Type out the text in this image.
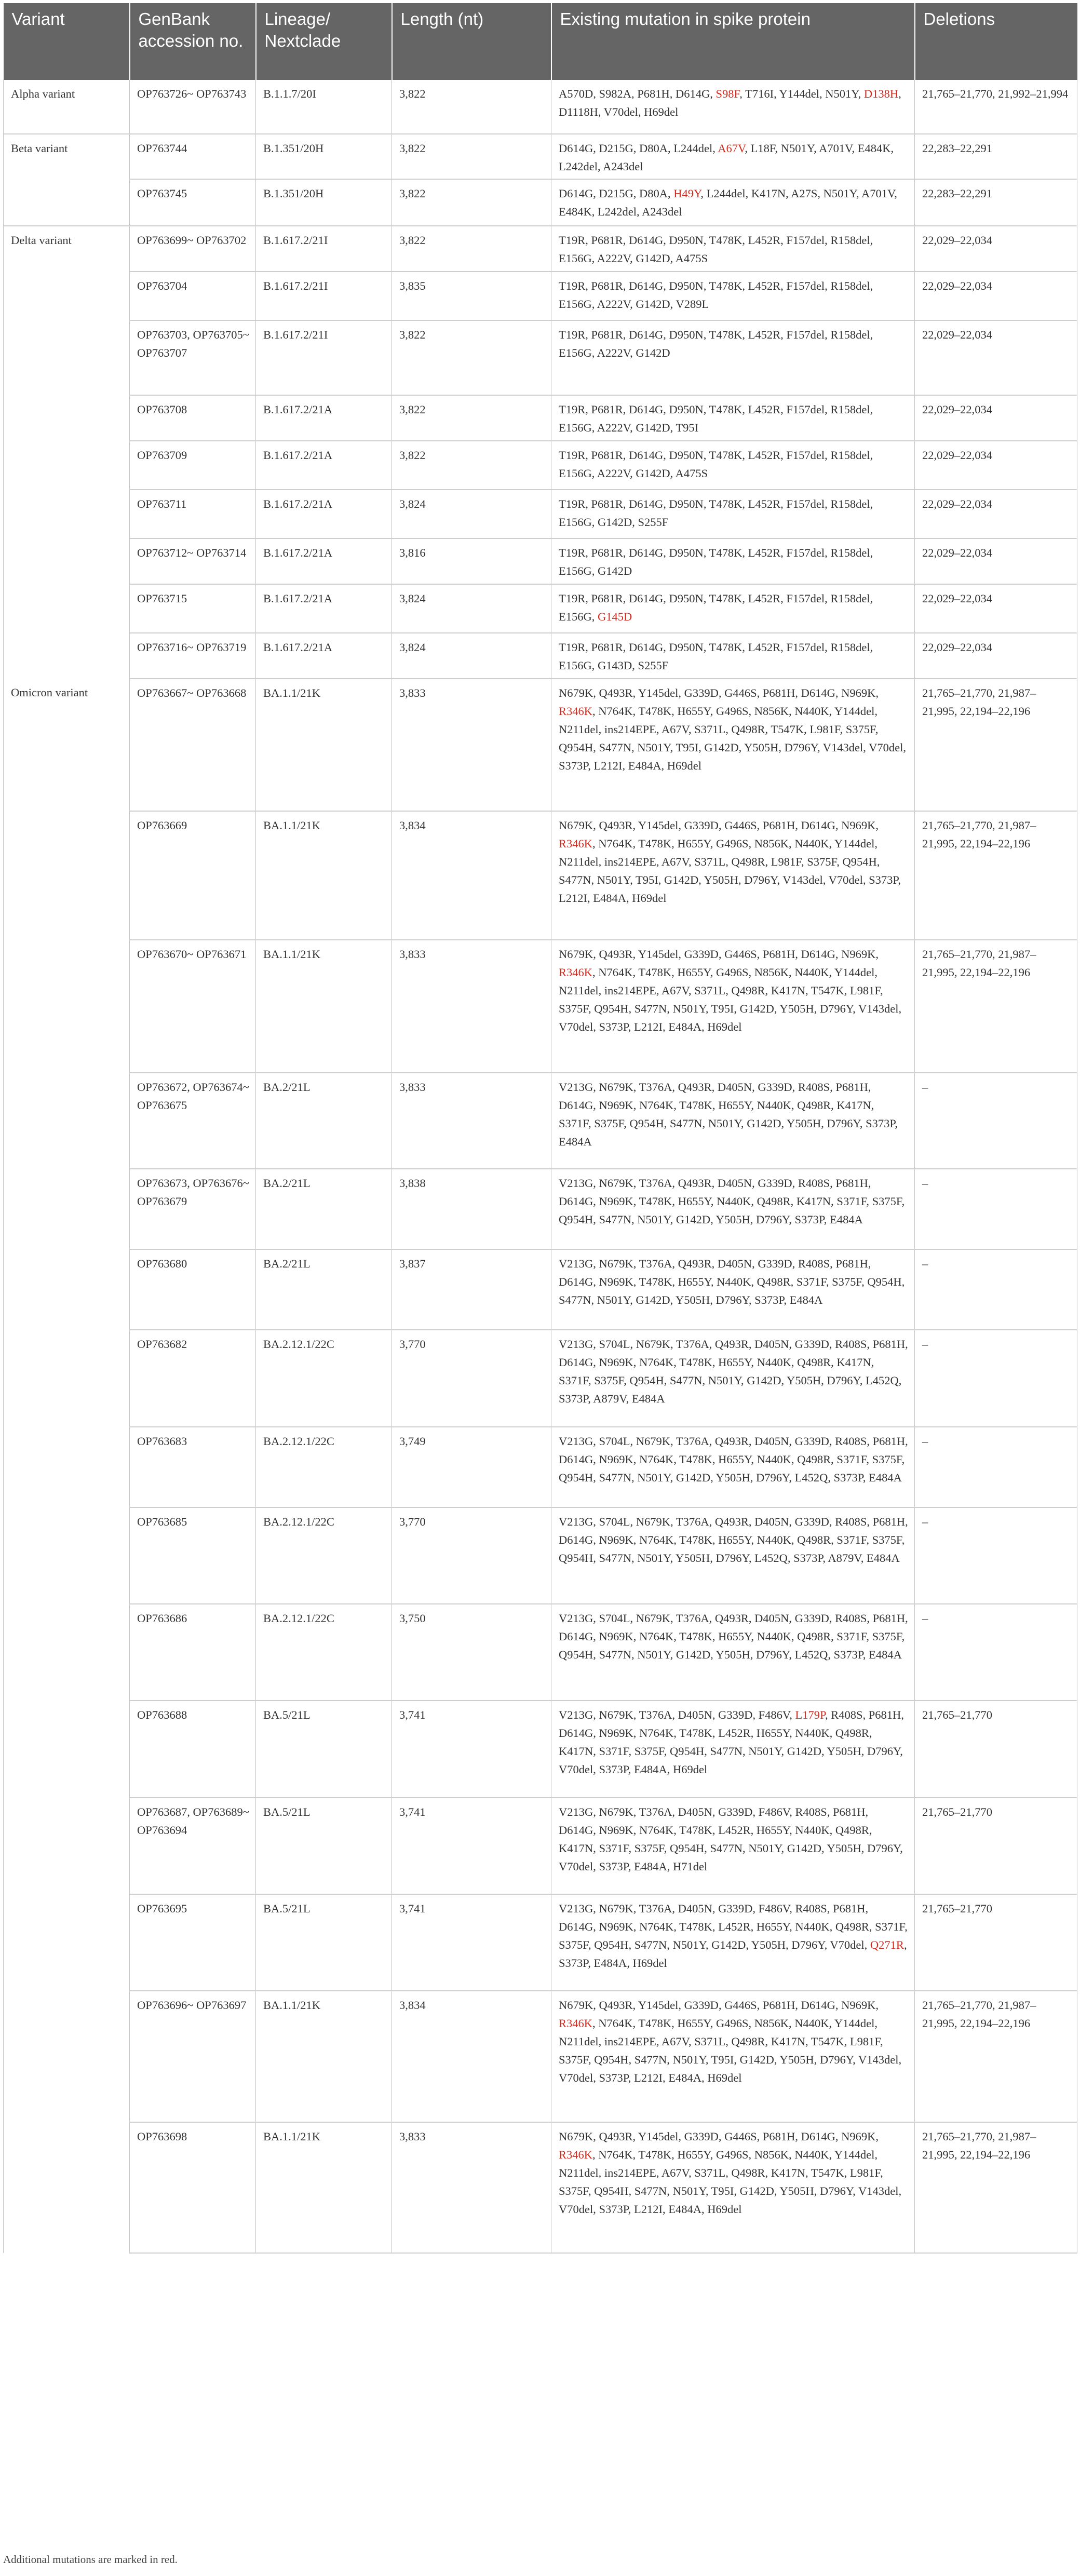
Variant	GenBank accession no.	Lineage/ Nextclade	Length (nt)	Existing mutation in spike protein	Deletions
Alpha variant	OP763726~ OP763743	B.1.1.7/20I	3,822	A570D, S982A, P681H, D614G, S98F, T716I, Y144del, N501Y, D138H, D1118H, V70del, H69del	21,765–21,770, 21,992–21,994
Beta variant	OP763744	B.1.351/20H	3,822	D614G, D215G, D80A, L244del, A67V, L18F, N501Y, A701V, E484K, L242del, A243del	22,283–22,291
	OP763745	B.1.351/20H	3,822	D614G, D215G, D80A, H49Y, L244del, K417N, A27S, N501Y, A701V, E484K, L242del, A243del	22,283–22,291
Delta variant	OP763699~ OP763702	B.1.617.2/21I	3,822	T19R, P681R, D614G, D950N, T478K, L452R, F157del, R158del, E156G, A222V, G142D, A475S	22,029–22,034
	OP763704	B.1.617.2/21I	3,835	T19R, P681R, D614G, D950N, T478K, L452R, F157del, R158del, E156G, A222V, G142D, V289L	22,029–22,034
	OP763703, OP763705~ OP763707	B.1.617.2/21I	3,822	T19R, P681R, D614G, D950N, T478K, L452R, F157del, R158del, E156G, A222V, G142D	22,029–22,034
	OP763708	B.1.617.2/21A	3,822	T19R, P681R, D614G, D950N, T478K, L452R, F157del, R158del, E156G, A222V, G142D, T95I	22,029–22,034
	OP763709	B.1.617.2/21A	3,822	T19R, P681R, D614G, D950N, T478K, L452R, F157del, R158del, E156G, A222V, G142D, A475S	22,029–22,034
	OP763711	B.1.617.2/21A	3,824	T19R, P681R, D614G, D950N, T478K, L452R, F157del, R158del, E156G, G142D, S255F	22,029–22,034
	OP763712~ OP763714	B.1.617.2/21A	3,816	T19R, P681R, D614G, D950N, T478K, L452R, F157del, R158del, E156G, G142D	22,029–22,034
	OP763715	B.1.617.2/21A	3,824	T19R, P681R, D614G, D950N, T478K, L452R, F157del, R158del, E156G, G145D	22,029–22,034
	OP763716~ OP763719	B.1.617.2/21A	3,824	T19R, P681R, D614G, D950N, T478K, L452R, F157del, R158del, E156G, G143D, S255F	22,029–22,034
Omicron variant	OP763667~ OP763668	BA.1.1/21K	3,833	N679K, Q493R, Y145del, G339D, G446S, P681H, D614G, N969K, R346K, N764K, T478K, H655Y, G496S, N856K, N440K, Y144del, N211del, ins214EPE, A67V, S371L, Q498R, T547K, L981F, S375F, Q954H, S477N, N501Y, T95I, G142D, Y505H, D796Y, V143del, V70del, S373P, L212I, E484A, H69del	21,765–21,770, 21,987–21,995, 22,194–22,196
	OP763669	BA.1.1/21K	3,834	N679K, Q493R, Y145del, G339D, G446S, P681H, D614G, N969K, R346K, N764K, T478K, H655Y, G496S, N856K, N440K, Y144del, N211del, ins214EPE, A67V, S371L, Q498R, L981F, S375F, Q954H, S477N, N501Y, T95I, G142D, Y505H, D796Y, V143del, V70del, S373P, L212I, E484A, H69del	21,765–21,770, 21,987–21,995, 22,194–22,196
	OP763670~ OP763671	BA.1.1/21K	3,833	N679K, Q493R, Y145del, G339D, G446S, P681H, D614G, N969K, R346K, N764K, T478K, H655Y, G496S, N856K, N440K, Y144del, N211del, ins214EPE, A67V, S371L, Q498R, K417N, T547K, L981F, S375F, Q954H, S477N, N501Y, T95I, G142D, Y505H, D796Y, V143del, V70del, S373P, L212I, E484A, H69del	21,765–21,770, 21,987–21,995, 22,194–22,196
	OP763672, OP763674~ OP763675	BA.2/21L	3,833	V213G, N679K, T376A, Q493R, D405N, G339D, R408S, P681H, D614G, N969K, N764K, T478K, H655Y, N440K, Q498R, K417N, S371F, S375F, Q954H, S477N, N501Y, G142D, Y505H, D796Y, S373P, E484A	–
	OP763673, OP763676~ OP763679	BA.2/21L	3,838	V213G, N679K, T376A, Q493R, D405N, G339D, R408S, P681H, D614G, N969K, T478K, H655Y, N440K, Q498R, K417N, S371F, S375F, Q954H, S477N, N501Y, G142D, Y505H, D796Y, S373P, E484A	–
	OP763680	BA.2/21L	3,837	V213G, N679K, T376A, Q493R, D405N, G339D, R408S, P681H, D614G, N969K, T478K, H655Y, N440K, Q498R, S371F, S375F, Q954H, S477N, N501Y, G142D, Y505H, D796Y, S373P, E484A	–
	OP763682	BA.2.12.1/22C	3,770	V213G, S704L, N679K, T376A, Q493R, D405N, G339D, R408S, P681H, D614G, N969K, N764K, T478K, H655Y, N440K, Q498R, K417N, S371F, S375F, Q954H, S477N, N501Y, G142D, Y505H, D796Y, L452Q, S373P, A879V, E484A	–
	OP763683	BA.2.12.1/22C	3,749	V213G, S704L, N679K, T376A, Q493R, D405N, G339D, R408S, P681H, D614G, N969K, N764K, T478K, H655Y, N440K, Q498R, S371F, S375F, Q954H, S477N, N501Y, G142D, Y505H, D796Y, L452Q, S373P, E484A	–
	OP763685	BA.2.12.1/22C	3,770	V213G, S704L, N679K, T376A, Q493R, D405N, G339D, R408S, P681H, D614G, N969K, N764K, T478K, H655Y, N440K, Q498R, S371F, S375F, Q954H, S477N, N501Y, Y505H, D796Y, L452Q, S373P, A879V, E484A	–
	OP763686	BA.2.12.1/22C	3,750	V213G, S704L, N679K, T376A, Q493R, D405N, G339D, R408S, P681H, D614G, N969K, N764K, T478K, H655Y, N440K, Q498R, S371F, S375F, Q954H, S477N, N501Y, G142D, Y505H, D796Y, L452Q, S373P, E484A	–
	OP763688	BA.5/21L	3,741	V213G, N679K, T376A, D405N, G339D, F486V, L179P, R408S, P681H, D614G, N969K, N764K, T478K, L452R, H655Y, N440K, Q498R, K417N, S371F, S375F, Q954H, S477N, N501Y, G142D, Y505H, D796Y, V70del, S373P, E484A, H69del	21,765–21,770
	OP763687, OP763689~ OP763694	BA.5/21L	3,741	V213G, N679K, T376A, D405N, G339D, F486V, R408S, P681H, D614G, N969K, N764K, T478K, L452R, H655Y, N440K, Q498R, K417N, S371F, S375F, Q954H, S477N, N501Y, G142D, Y505H, D796Y, V70del, S373P, E484A, H71del	21,765–21,770
	OP763695	BA.5/21L	3,741	V213G, N679K, T376A, D405N, G339D, F486V, R408S, P681H, D614G, N969K, N764K, T478K, L452R, H655Y, N440K, Q498R, S371F, S375F, Q954H, S477N, N501Y, G142D, Y505H, D796Y, V70del, Q271R, S373P, E484A, H69del	21,765–21,770
	OP763696~ OP763697	BA.1.1/21K	3,834	N679K, Q493R, Y145del, G339D, G446S, P681H, D614G, N969K, R346K, N764K, T478K, H655Y, G496S, N856K, N440K, Y144del, N211del, ins214EPE, A67V, S371L, Q498R, K417N, T547K, L981F, S375F, Q954H, S477N, N501Y, T95I, G142D, Y505H, D796Y, V143del, V70del, S373P, L212I, E484A, H69del	21,765–21,770, 21,987–21,995, 22,194–22,196
	OP763698	BA.1.1/21K	3,833	N679K, Q493R, Y145del, G339D, G446S, P681H, D614G, N969K, R346K, N764K, T478K, H655Y, G496S, N856K, N440K, Y144del, N211del, ins214EPE, A67V, S371L, Q498R, K417N, T547K, L981F, S375F, Q954H, S477N, N501Y, T95I, G142D, Y505H, D796Y, V143del, V70del, S373P, L212I, E484A, H69del	21,765–21,770, 21,987–21,995, 22,194–22,196
Additional mutations are marked in red.
